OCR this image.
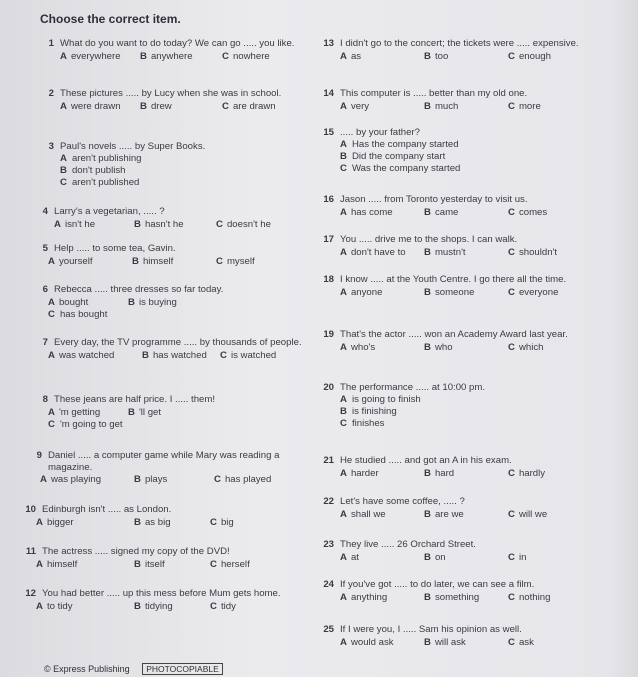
Choose the correct item.
1 What do you want to do today? We can go ..... you like.
A everywhere B anywhere	C nowhere
2 These pictures ..... by Lucy when she was in school.
A were drawn B drew	C are drawn
3 Paul's novels ..... by Super Books.
A aren't publishing
B don't publish
C aren't published
4 Larry's a vegetarian, ..... ?
A isn't he	B hasn't he	C doesn't he
5 Help ..... to some tea, Gavin.
A yourself	B himself	C myself
6 Rebecca ..... three dresses so far today.
A bought	B is buying
C has bought
7 Every day, the TV programme ..... by thousands of people.
A was watched	B has watched C is watched
8 These jeans are half price. I ..... them!
A 'm getting	B 'll get
C 'm going to get
9 Daniel ..... a computer game while Mary was reading a magazine.
A was playing	B plays	C has played
10 Edinburgh isn't ..... as London.
A bigger	B as big	C big
11 The actress ..... signed my copy of the DVD!
A himself	B itself	C herself
12 You had better ..... up this mess before Mum gets home.
A to tidy	B tidying	C tidy
13 I didn't go to the concert; the tickets were ..... expensive.
A as	B too	C enough
14 This computer is ..... better than my old one.
A very	B much	C more
15 ..... by your father?
A Has the company started
B Did the company start
C Was the company started
16 Jason ..... from Toronto yesterday to visit us.
A has come	B came	C comes
17 You ..... drive me to the shops. I can walk.
A don't have to B mustn't	C shouldn't
18 I know ..... at the Youth Centre. I go there all the time.
A anyone	B someone	C everyone
19 That's the actor ..... won an Academy Award last year.
A who's	B who	C which
20 The performance ..... at 10:00 pm.
A is going to finish
B is finishing
C finishes
21 He studied ..... and got an A in his exam.
A harder	B hard	C hardly
22 Let's have some coffee, ..... ?
A shall we	B are we	C will we
23 They live ..... 26 Orchard Street.
A at	B on	C in
24 If you've got ..... to do later, we can see a film.
A anything	B something	C nothing
25 If I were you, I ..... Sam his opinion as well.
A would ask	B will ask	C ask
© Express Publishing PHOTOCOPIABLE
